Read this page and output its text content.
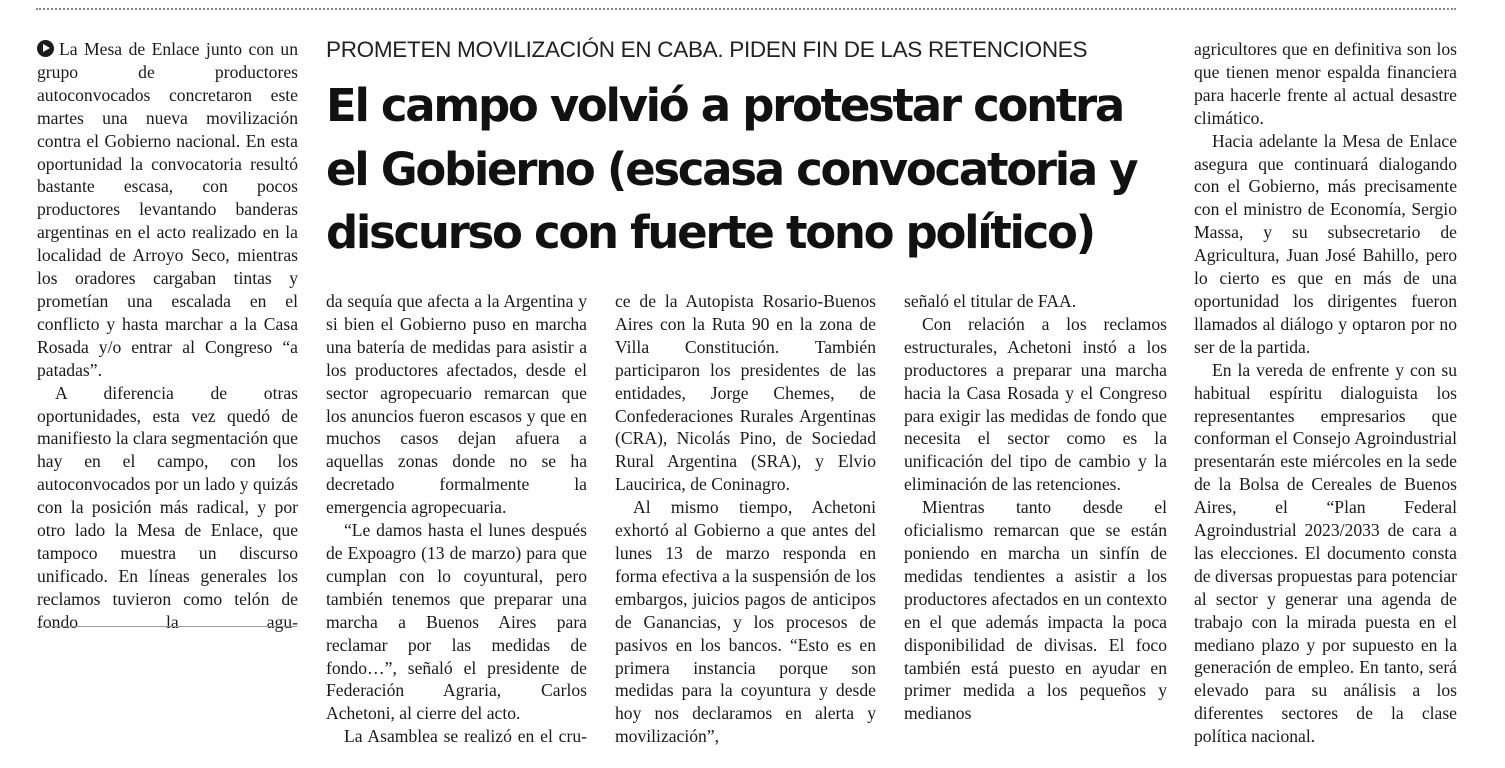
PROMETEN MOVILIZACIÓN EN CABA. PIDEN FIN DE LAS RETENCIONES
El campo volvió a protestar contra el Gobierno (escasa convocatoria y discurso con fuerte tono político)

La Mesa de Enlace junto con un grupo de productores autoconvocados concretaron este martes una nueva movilización contra el Gobierno nacional. En esta oportunidad la convocatoria resultó bastante escasa, con pocos productores levantando banderas argentinas en el acto realizado en la localidad de Arroyo Seco, mientras los oradores cargaban tintas y prometían una escalada en el conflicto y hasta marchar a la Casa Rosada y/o entrar al Congreso “a patadas”.

A diferencia de otras oportunidades, esta vez quedó de manifiesto la clara segmentación que hay en el campo, con los autoconvocados por un lado y quizás con la posición más radical, y por otro lado la Mesa de Enlace, que tampoco muestra un discurso unificado. En líneas generales los reclamos tuvieron como telón de fondo la agu-

da sequía que afecta a la Argentina y si bien el Gobierno puso en marcha una batería de medidas para asistir a los productores afectados, desde el sector agropecuario remarcan que los anuncios fueron escasos y que en muchos casos dejan afuera a aquellas zonas donde no se ha decretado formalmente la emergencia agropecuaria.

“Le damos hasta el lunes después de Expoagro (13 de marzo) para que cumplan con lo coyuntural, pero también tenemos que preparar una marcha a Buenos Aires para reclamar por las medidas de fondo…”, señaló el presidente de Federación Agraria, Carlos Achetoni, al cierre del acto.

La Asamblea se realizó en el cru-

ce de la Autopista Rosario-Buenos Aires con la Ruta 90 en la zona de Villa Constitución. También participaron los presidentes de las entidades, Jorge Chemes, de Confederaciones Rurales Argentinas (CRA), Nicolás Pino, de Sociedad Rural Argentina (SRA), y Elvio Laucirica, de Coninagro.

Al mismo tiempo, Achetoni exhortó al Gobierno a que antes del lunes 13 de marzo responda en forma efectiva a la suspensión de los embargos, juicios pagos de anticipos de Ganancias, y los procesos de pasivos en los bancos. “Esto es en primera instancia porque son medidas para la coyuntura y desde hoy nos declaramos en alerta y movilización”,

señaló el titular de FAA.

Con relación a los reclamos estructurales, Achetoni instó a los productores a preparar una marcha hacia la Casa Rosada y el Congreso para exigir las medidas de fondo que necesita el sector como es la unificación del tipo de cambio y la eliminación de las retenciones.

Mientras tanto desde el oficialismo remarcan que se están poniendo en marcha un sinfín de medidas tendientes a asistir a los productores afectados en un contexto en el que además impacta la poca disponibilidad de divisas. El foco también está puesto en ayudar en primer medida a los pequeños y medianos

agricultores que en definitiva son los que tienen menor espalda financiera para hacerle frente al actual desastre climático.

Hacia adelante la Mesa de Enlace asegura que continuará dialogando con el Gobierno, más precisamente con el ministro de Economía, Sergio Massa, y su subsecretario de Agricultura, Juan José Bahillo, pero lo cierto es que en más de una oportunidad los dirigentes fueron llamados al diálogo y optaron por no ser de la partida.

En la vereda de enfrente y con su habitual espíritu dialoguista los representantes empresarios que conforman el Consejo Agroindustrial presentarán este miércoles en la sede de la Bolsa de Cereales de Buenos Aires, el “Plan Federal Agroindustrial 2023/2033 de cara a las elecciones. El documento consta de diversas propuestas para potenciar al sector y generar una agenda de trabajo con la mirada puesta en el mediano plazo y por supuesto en la generación de empleo. En tanto, será elevado para su análisis a los diferentes sectores de la clase política nacional.
